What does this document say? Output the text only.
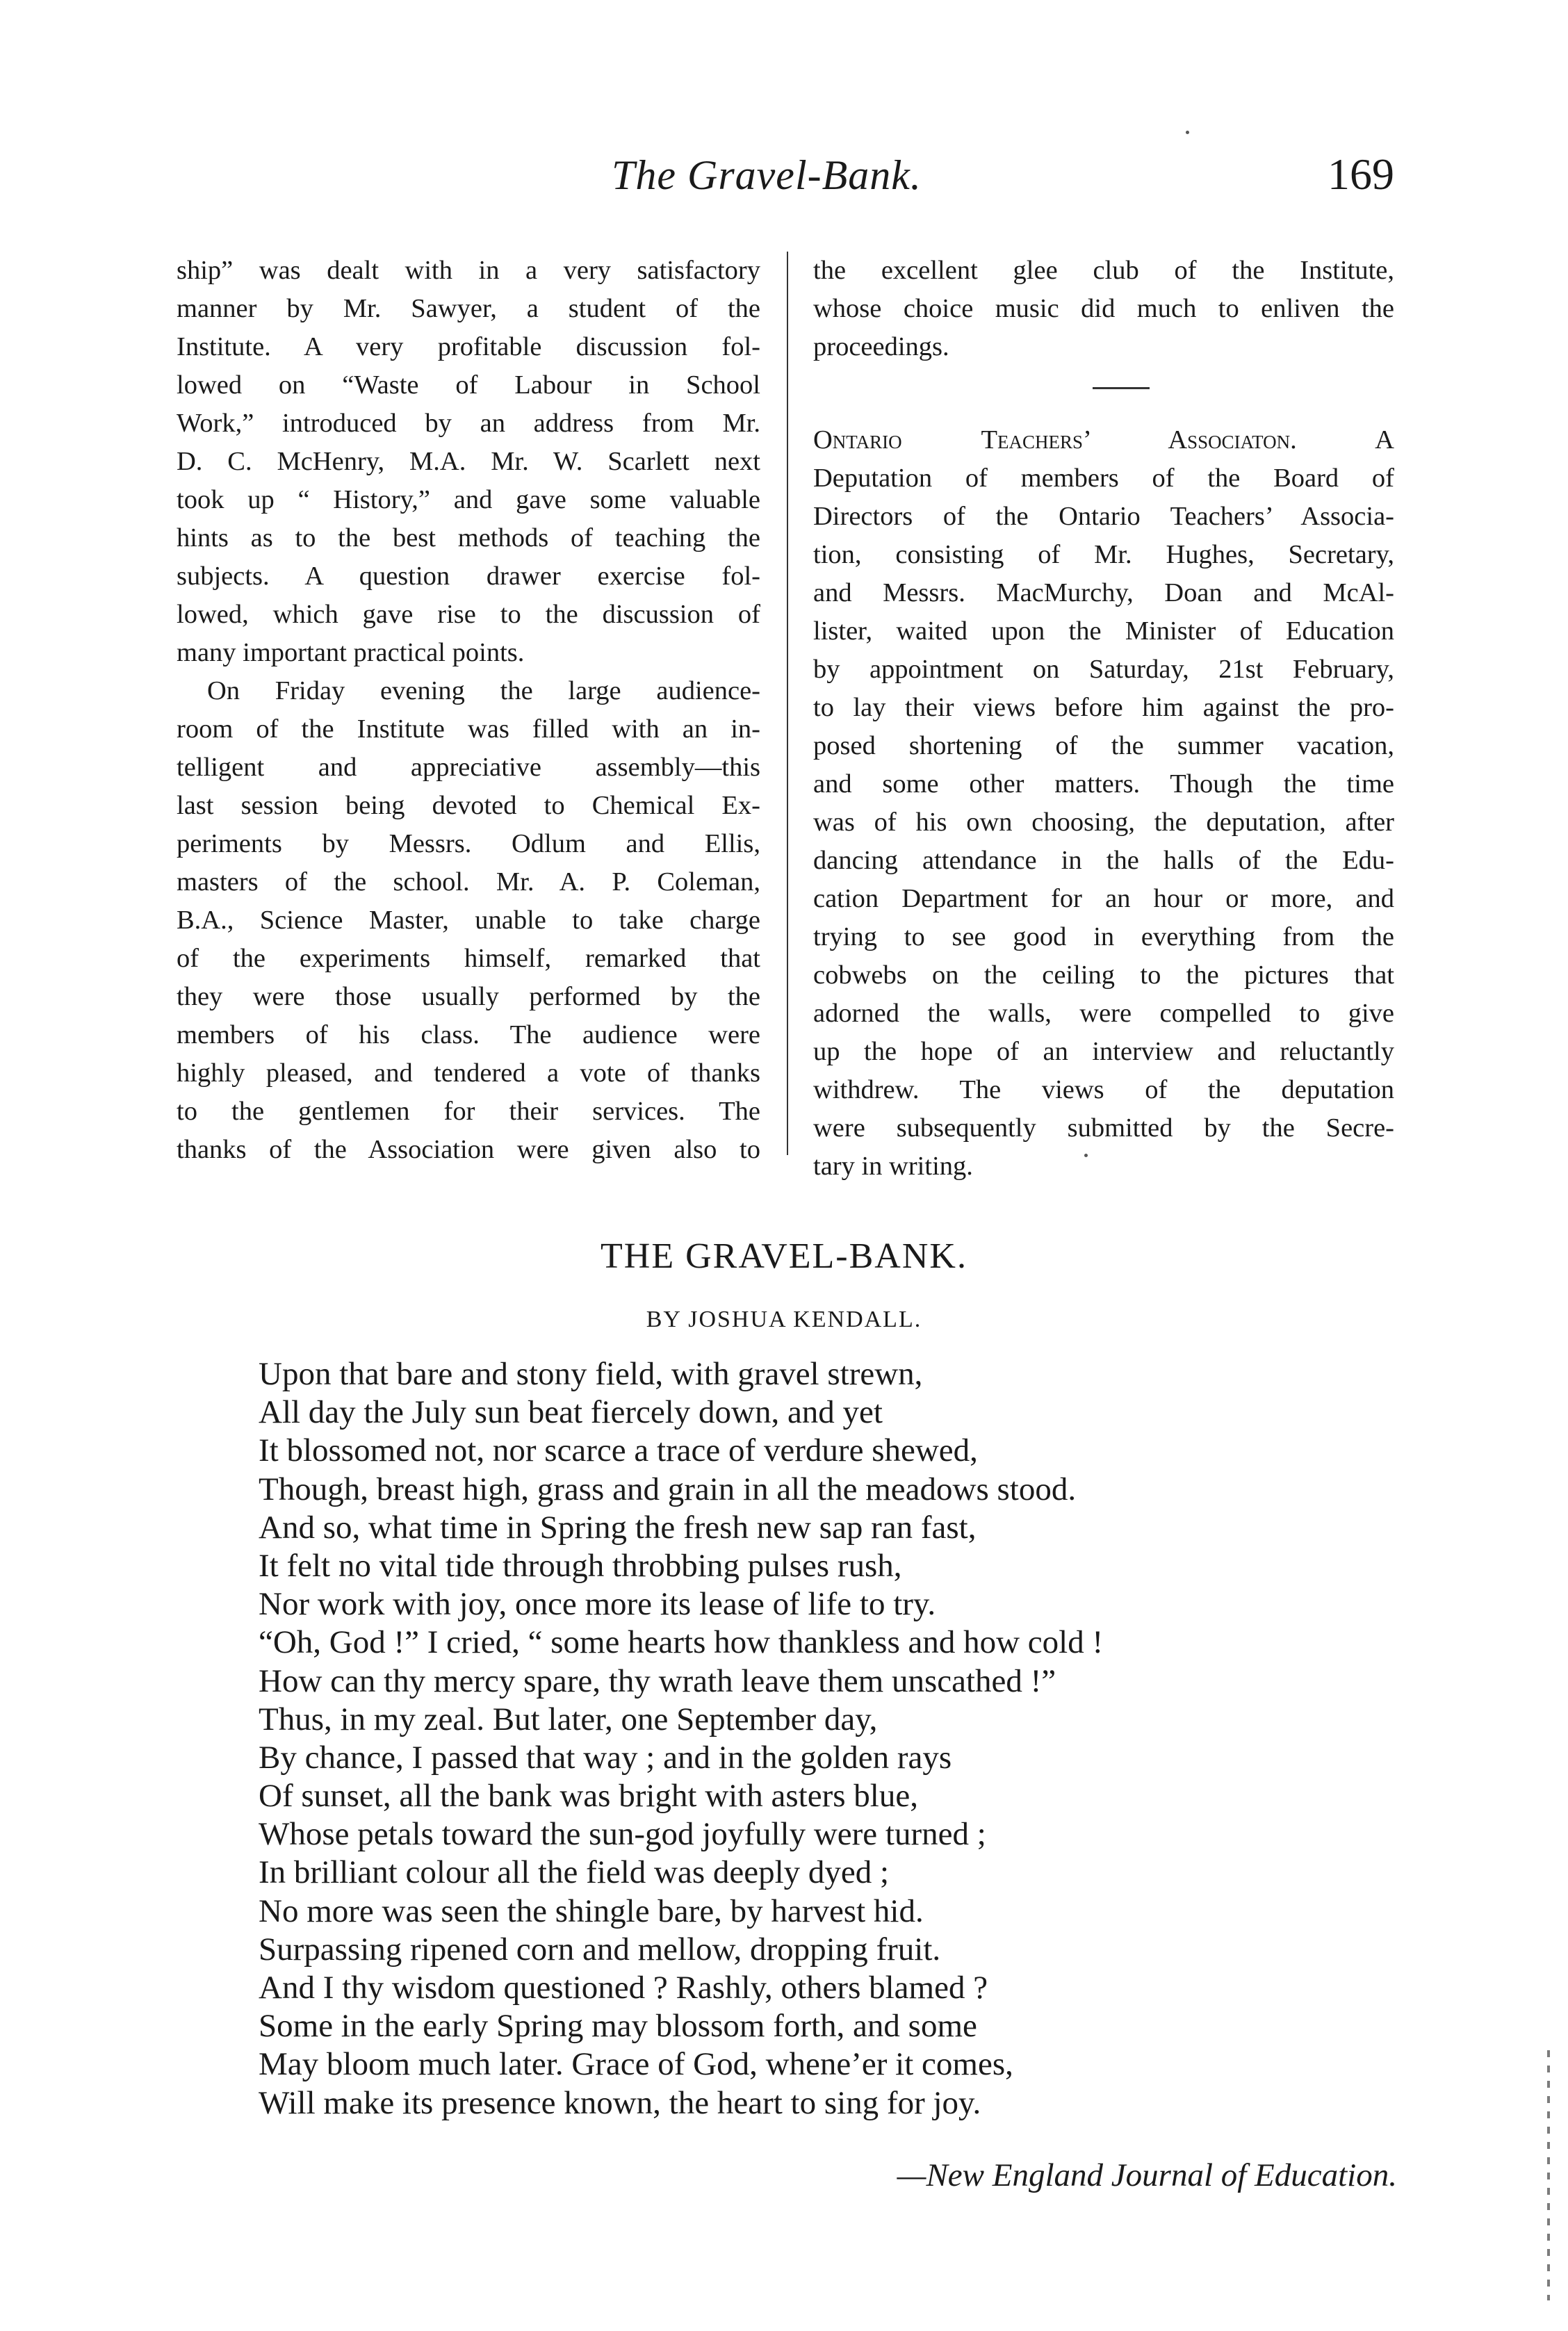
The Gravel-Bank.	169
ship” was dealt with in a very satisfactory
manner by Mr. Sawyer, a student of the
Institute. A very profitable discussion fol-
lowed on “Waste of Labour in School
Work,” introduced by an address from Mr.
D. C. McHenry, M.A. Mr. W. Scarlett next
took up “ History,” and gave some valuable
hints as to the best methods of teaching the
subjects. A question drawer exercise fol-
lowed, which gave rise to the discussion of
many important practical points.
On Friday evening the large audience-
room of the Institute was filled with an in-
telligent and appreciative assembly—this
last session being devoted to Chemical Ex-
periments by Messrs. Odlum and Ellis,
masters of the school. Mr. A. P. Coleman,
B.A., Science Master, unable to take charge
of the experiments himself, remarked that
they were those usually performed by the
members of his class. The audience were
highly pleased, and tendered a vote of thanks
to the gentlemen for their services. The
thanks of the Association were given also to
the excellent glee club of the Institute,
whose choice music did much to enliven the
proceedings.
Ontario Teachers’ Associaton. A
Deputation of members of the Board of
Directors of the Ontario Teachers’ Associa-
tion, consisting of Mr. Hughes, Secretary,
and Messrs. MacMurchy, Doan and McAl-
lister, waited upon the Minister of Education
by appointment on Saturday, 21st February,
to lay their views before him against the pro-
posed shortening of the summer vacation,
and some other matters. Though the time
was of his own choosing, the deputation, after
dancing attendance in the halls of the Edu-
cation Department for an hour or more, and
trying to see good in everything from the
cobwebs on the ceiling to the pictures that
adorned the walls, were compelled to give
up the hope of an interview and reluctantly
withdrew. The views of the deputation
were subsequently submitted by the Secre-
tary in writing.
THE GRAVEL-BANK.
BY JOSHUA KENDALL.
Upon that bare and stony field, with gravel strewn,
All day the July sun beat fiercely down, and yet
It blossomed not, nor scarce a trace of verdure shewed,
Though, breast high, grass and grain in all the meadows stood.
And so, what time in Spring the fresh new sap ran fast,
It felt no vital tide through throbbing pulses rush,
Nor work with joy, once more its lease of life to try.
“Oh, God !” I cried, “ some hearts how thankless and how cold !
How can thy mercy spare, thy wrath leave them unscathed !”
Thus, in my zeal. But later, one September day,
By chance, I passed that way ; and in the golden rays
Of sunset, all the bank was bright with asters blue,
Whose petals toward the sun-god joyfully were turned ;
In brilliant colour all the field was deeply dyed ;
No more was seen the shingle bare, by harvest hid.
Surpassing ripened corn and mellow, dropping fruit.
And I thy wisdom questioned ? Rashly, others blamed ?
Some in the early Spring may blossom forth, and some
May bloom much later. Grace of God, whene’er it comes,
Will make its presence known, the heart to sing for joy.
—New England Journal of Education.
